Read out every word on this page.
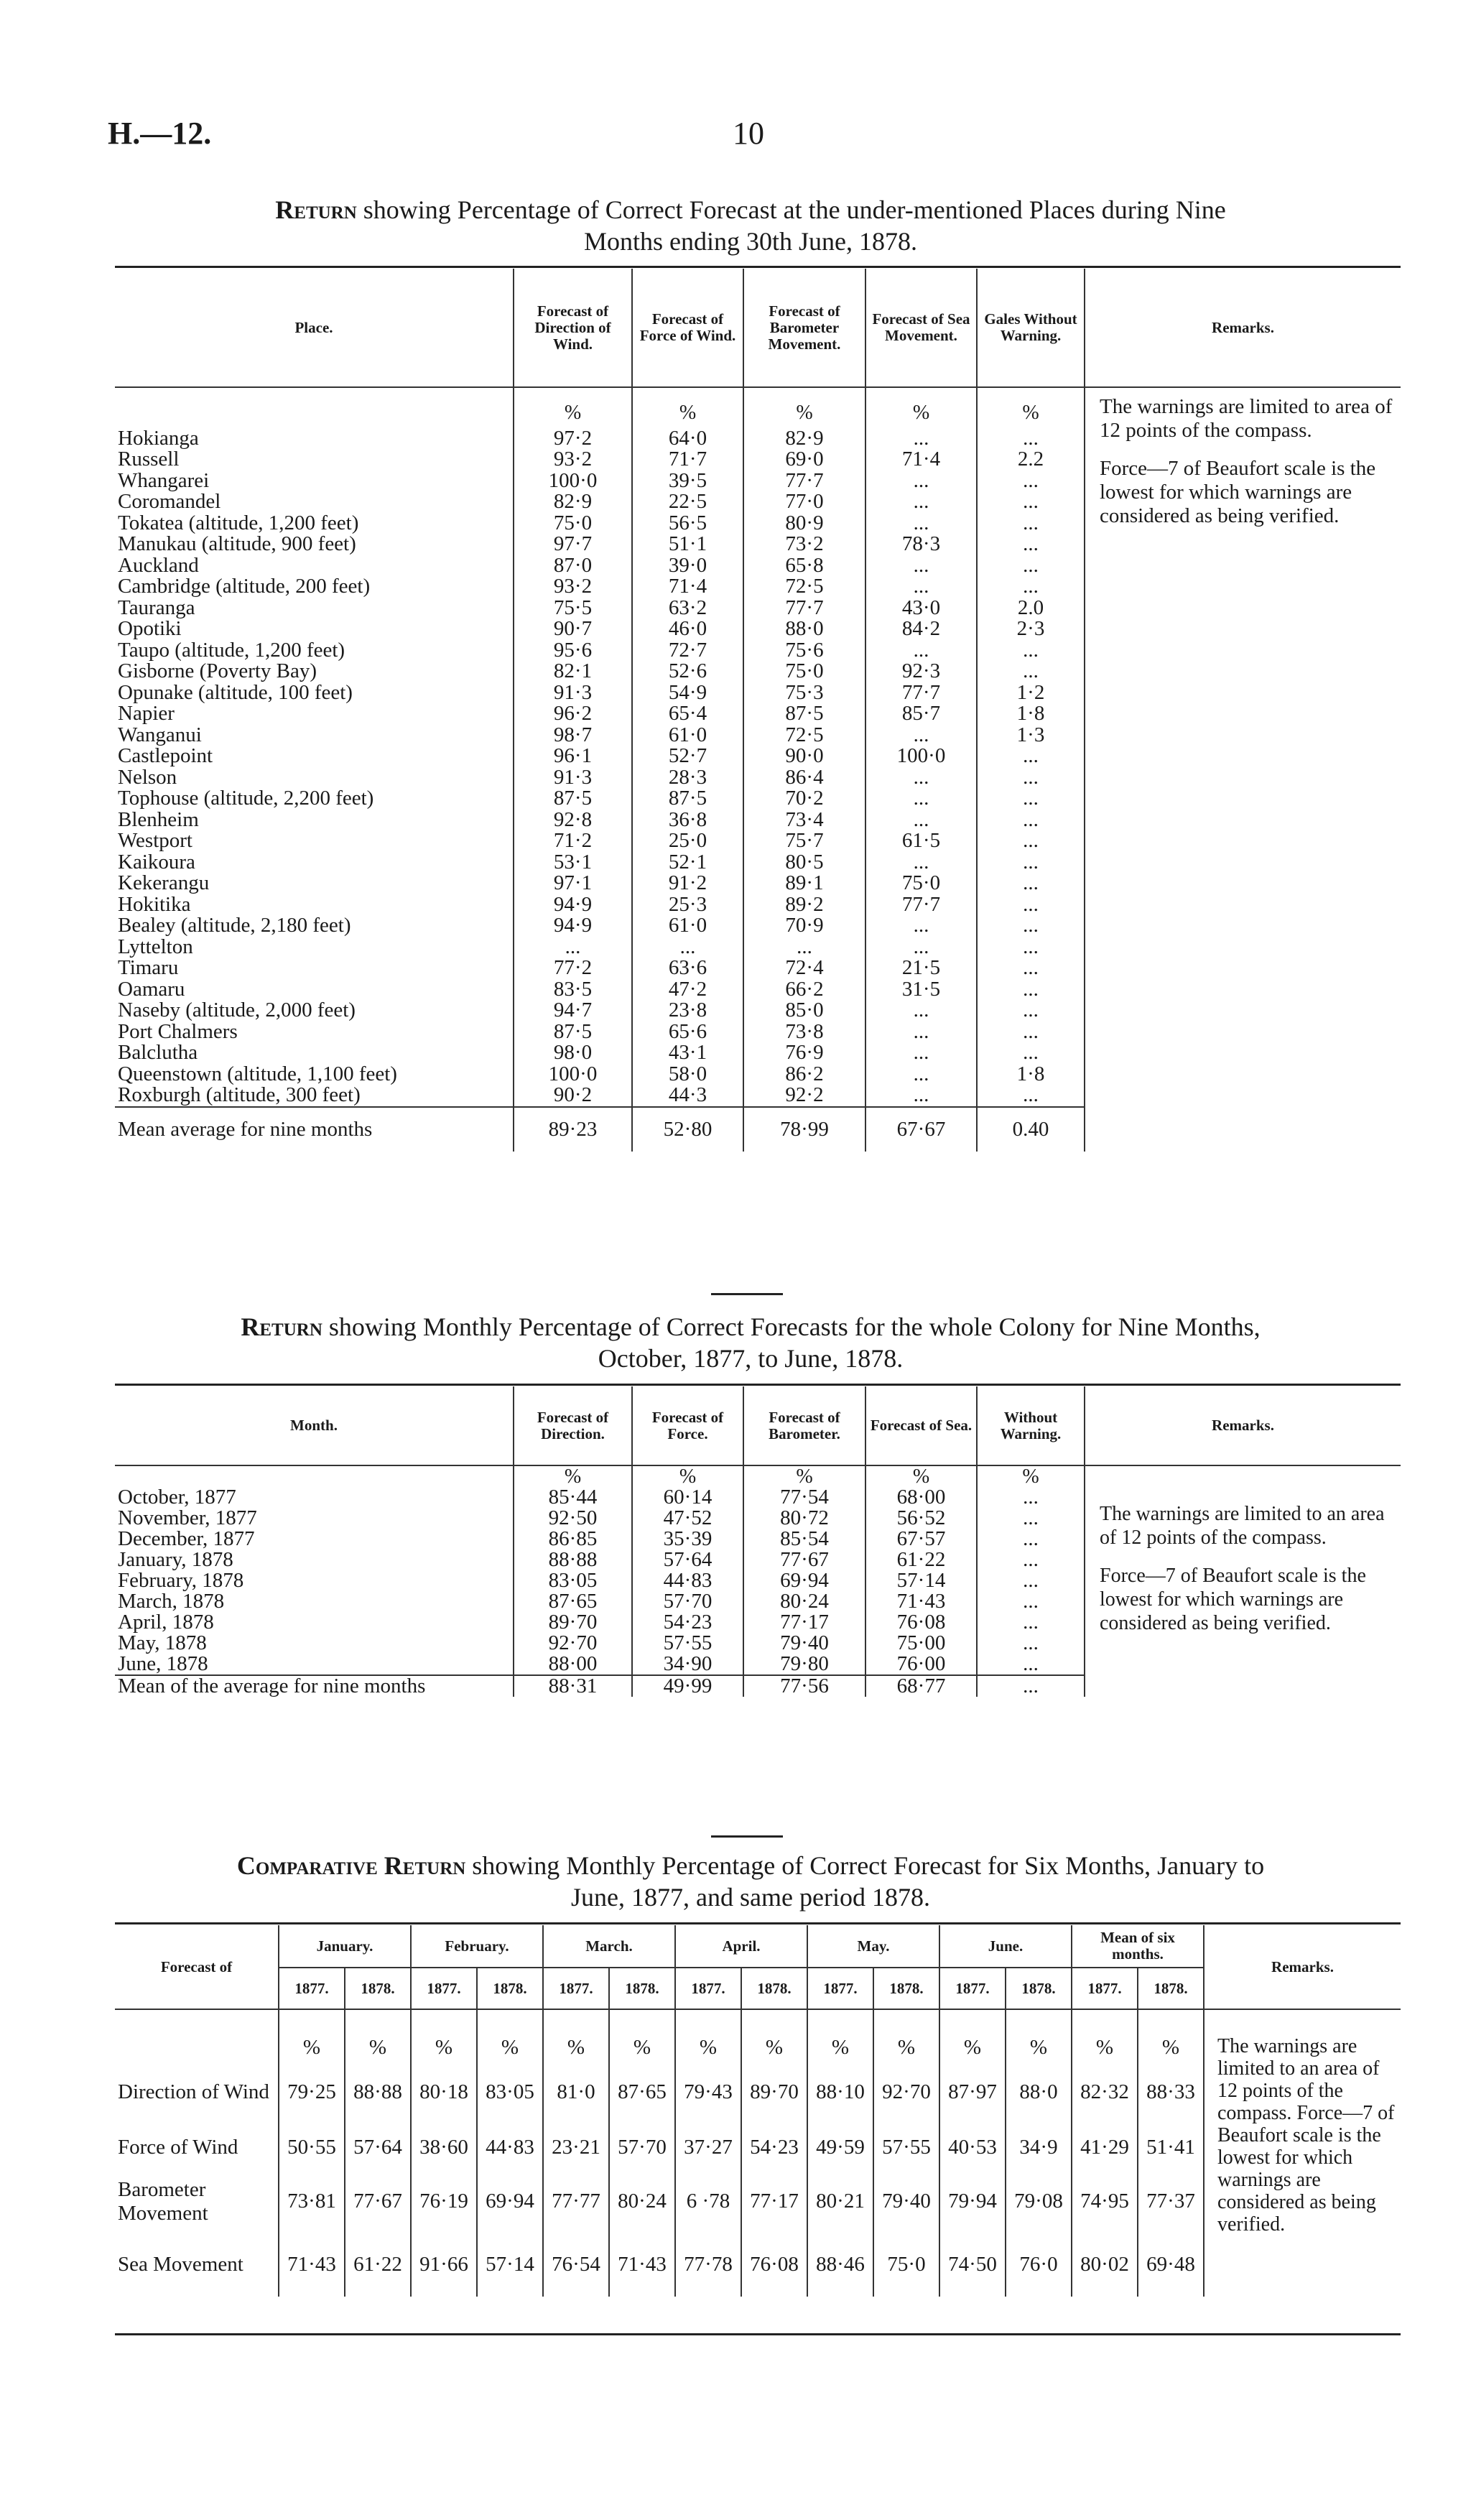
H.—12.	10
Return showing Percentage of Correct Forecast at the under-mentioned Places during Nine
Months ending 30th June, 1878.
Place.	Forecast of Direction of Wind.	Forecast of Force of Wind.	Forecast of Barometer Movement.	Forecast of Sea Movement.	Gales Without Warning.	Remarks.
	%	%	%	%	%	The warnings are limited to area of 12 points of the compass.

Force—7 of Beaufort scale is the lowest for which warnings are considered as being verified.

Hokianga	97·2	64·0	82·9	...	...	
Russell	93·2	71·7	69·0	71·4	2.2	
Whangarei	100·0	39·5	77·7	...	...	
Coromandel	82·9	22·5	77·0	...	...	
Tokatea (altitude, 1,200 feet)	75·0	56·5	80·9	...	...	
Manukau (altitude, 900 feet)	97·7	51·1	73·2	78·3	...	
Auckland	87·0	39·0	65·8	...	...	
Cambridge (altitude, 200 feet)	93·2	71·4	72·5	...	...	
Tauranga	75·5	63·2	77·7	43·0	2.0	
Opotiki	90·7	46·0	88·0	84·2	2·3	
Taupo (altitude, 1,200 feet)	95·6	72·7	75·6	...	...	
Gisborne (Poverty Bay)	82·1	52·6	75·0	92·3	...	
Opunake (altitude, 100 feet)	91·3	54·9	75·3	77·7	1·2	
Napier	96·2	65·4	87·5	85·7	1·8	
Wanganui	98·7	61·0	72·5	...	1·3	
Castlepoint	96·1	52·7	90·0	100·0	...	
Nelson	91·3	28·3	86·4	...	...	
Tophouse (altitude, 2,200 feet)	87·5	87·5	70·2	...	...	
Blenheim	92·8	36·8	73·4	...	...	
Westport	71·2	25·0	75·7	61·5	...	
Kaikoura	53·1	52·1	80·5	...	...	
Kekerangu	97·1	91·2	89·1	75·0	...	
Hokitika	94·9	25·3	89·2	77·7	...	
Bealey (altitude, 2,180 feet)	94·9	61·0	70·9	...	...	
Lyttelton	...	...	...	...	...	
Timaru	77·2	63·6	72·4	21·5	...	
Oamaru	83·5	47·2	66·2	31·5	...	
Naseby (altitude, 2,000 feet)	94·7	23·8	85·0	...	...	
Port Chalmers	87·5	65·6	73·8	...	...	
Balclutha	98·0	43·1	76·9	...	...	
Queenstown (altitude, 1,100 feet)	100·0	58·0	86·2	...	1·8	
Roxburgh (altitude, 300 feet)	90·2	44·3	92·2	...	...	
Mean average for nine months	89·23	52·80	78·99	67·67	0.40	
Return showing Monthly Percentage of Correct Forecasts for the whole Colony for Nine Months,
October, 1877, to June, 1878.
Month.	Forecast of Direction.	Forecast of Force.	Forecast of Barometer.	Forecast of Sea.	Without Warning.	Remarks.
	%	%	%	%	%	The warnings are limited to an area of 12 points of the compass.

Force—7 of Beaufort scale is the lowest for which warnings are considered as being verified.

October, 1877	85·44	60·14	77·54	68·00	...	
November, 1877	92·50	47·52	80·72	56·52	...	
December, 1877	86·85	35·39	85·54	67·57	...	
January, 1878	88·88	57·64	77·67	61·22	...	
February, 1878	83·05	44·83	69·94	57·14	...	
March, 1878	87·65	57·70	80·24	71·43	...	
April, 1878	89·70	54·23	77·17	76·08	...	
May, 1878	92·70	57·55	79·40	75·00	...	
June, 1878	88·00	34·90	79·80	76·00	...	
Mean of the average for nine months	88·31	49·99	77·56	68·77	...	
Comparative Return showing Monthly Percentage of Correct Forecast for Six Months, January to
June, 1877, and same period 1878.
Forecast of	January.		February.		March.		April.		May.		June.		Mean of six months.		Remarks.
	1877.	1878.	1877.	1878.	1877.	1878.	1877.	1878.	1877.	1878.	1877.	1878.	1877.	1878.	
	%	%	%	%	%	%	%	%	%	%	%	%	%	%	The warnings are limited to an area of 12 points of the compass. Force—7 of Beaufort scale is the lowest for which warnings are considered as being verified.
Direction of Wind	79·25	88·88	80·18	83·05	81·0	87·65	79·43	89·70	88·10	92·70	87·97	88·0	82·32	88·33	
Force of Wind	50·55	57·64	38·60	44·83	23·21	57·70	37·27	54·23	49·59	57·55	40·53	34·9	41·29	51·41	
Barometer Movement	73·81	77·67	76·19	69·94	77·77	80·24	6 ·78	77·17	80·21	79·40	79·94	79·08	74·95	77·37	
Sea Movement	71·43	61·22	91·66	57·14	76·54	71·43	77·78	76·08	88·46	75·0	74·50	76·0	80·02	69·48	
